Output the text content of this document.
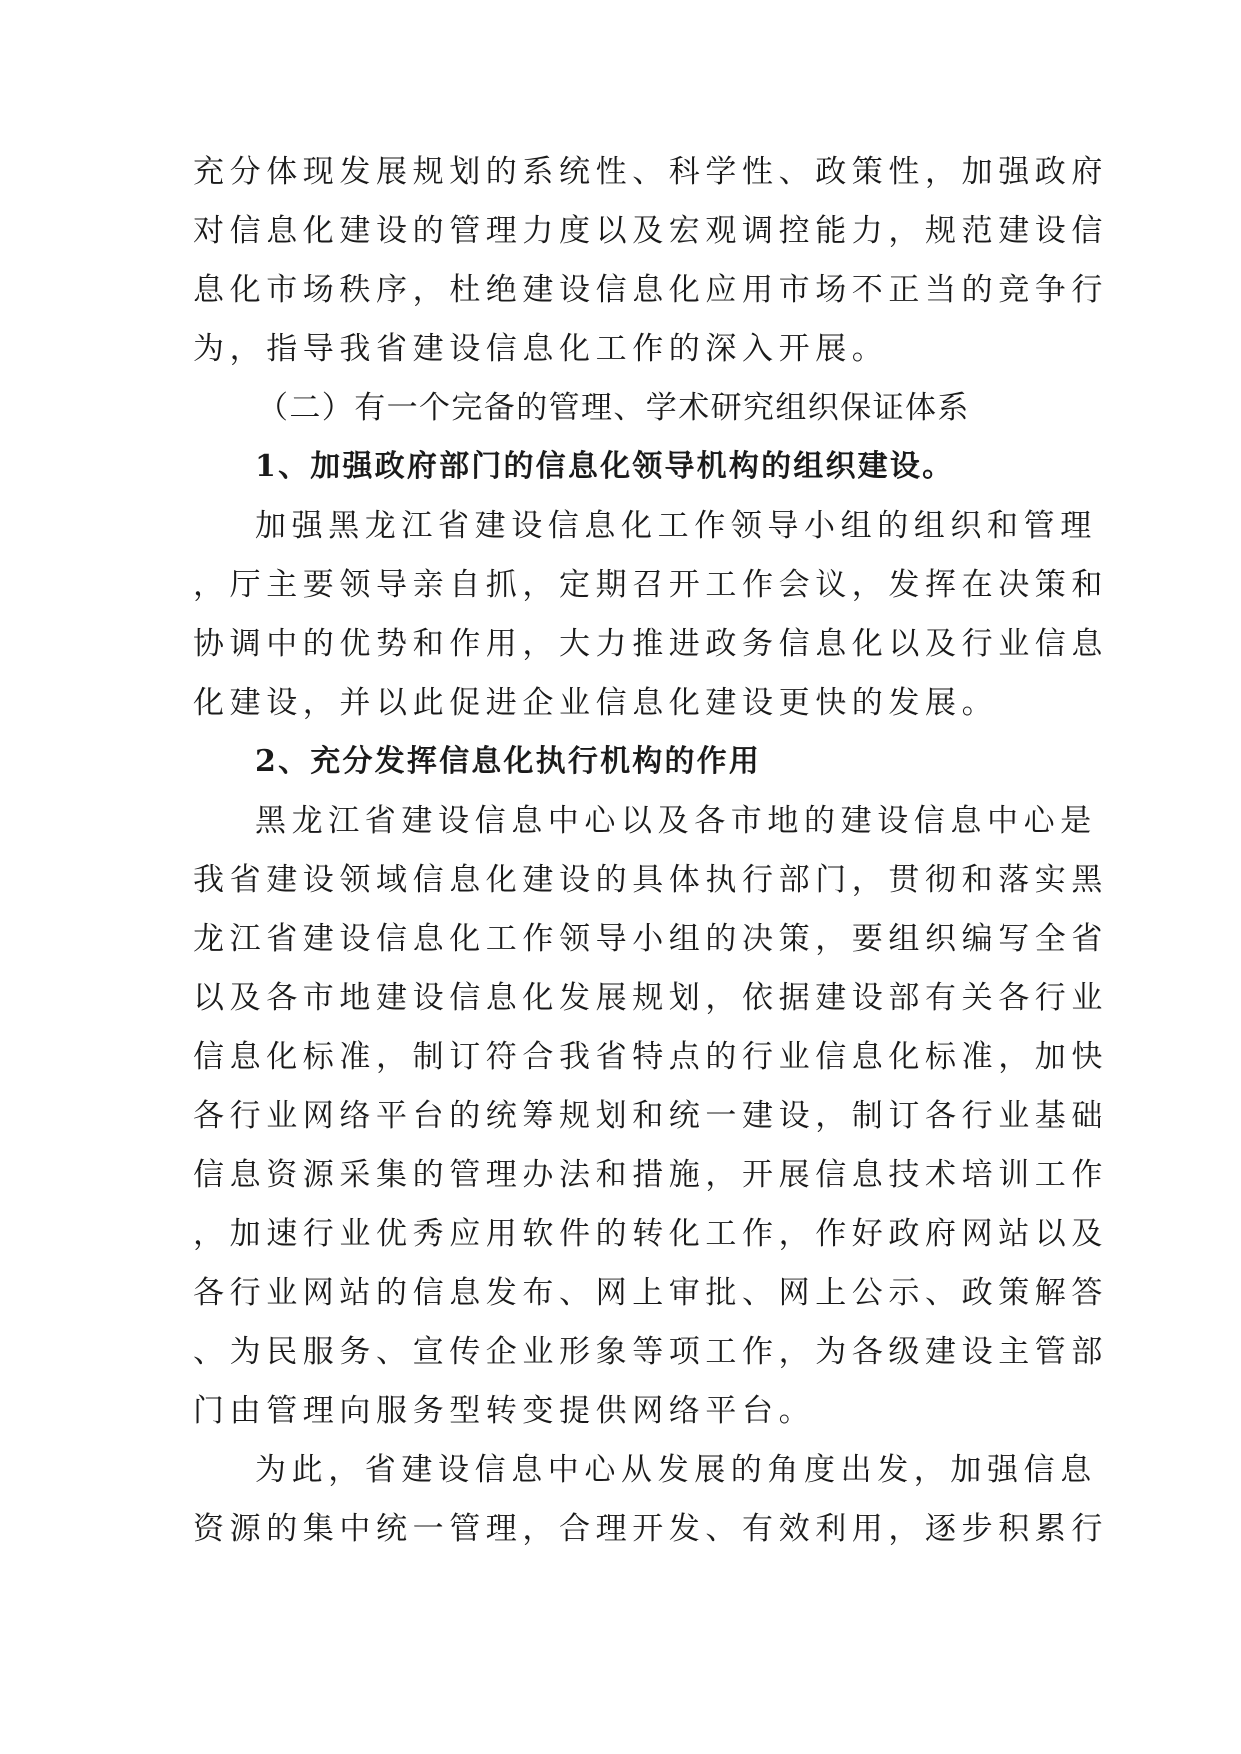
充分体现发展规划的系统性、科学性、政策性，加强政府
对信息化建设的管理力度以及宏观调控能力，规范建设信
息化市场秩序，杜绝建设信息化应用市场不正当的竞争行
为，指导我省建设信息化工作的深入开展。
（二）有一个完备的管理、学术研究组织保证体系
1、加强政府部门的信息化领导机构的组织建设。
加强黑龙江省建设信息化工作领导小组的组织和管理
，厅主要领导亲自抓，定期召开工作会议，发挥在决策和
协调中的优势和作用，大力推进政务信息化以及行业信息
化建设，并以此促进企业信息化建设更快的发展。
2、充分发挥信息化执行机构的作用
黑龙江省建设信息中心以及各市地的建设信息中心是
我省建设领域信息化建设的具体执行部门，贯彻和落实黑
龙江省建设信息化工作领导小组的决策，要组织编写全省
以及各市地建设信息化发展规划，依据建设部有关各行业
信息化标准，制订符合我省特点的行业信息化标准，加快
各行业网络平台的统筹规划和统一建设，制订各行业基础
信息资源采集的管理办法和措施，开展信息技术培训工作
，加速行业优秀应用软件的转化工作，作好政府网站以及
各行业网站的信息发布、网上审批、网上公示、政策解答
、为民服务、宣传企业形象等项工作，为各级建设主管部
门由管理向服务型转变提供网络平台。
为此，省建设信息中心从发展的角度出发，加强信息
资源的集中统一管理，合理开发、有效利用，逐步积累行
